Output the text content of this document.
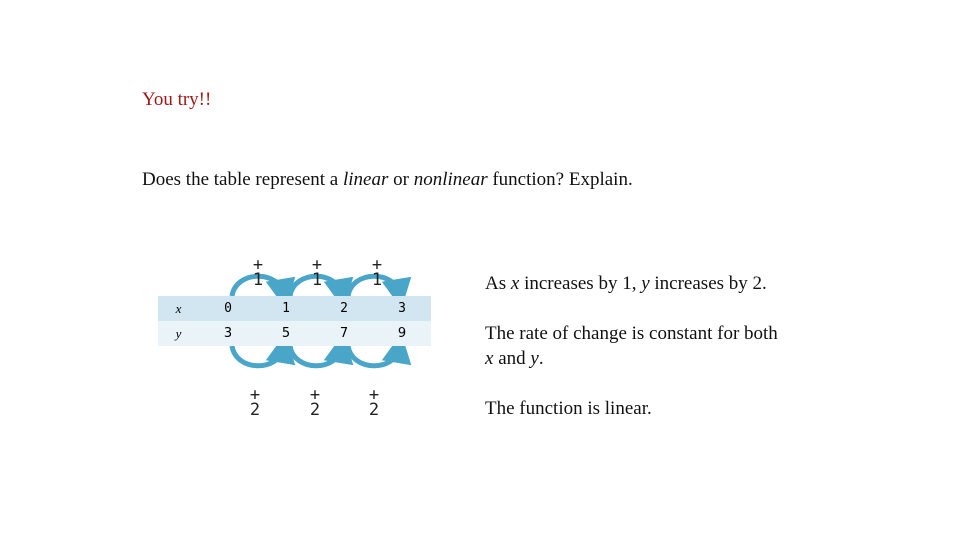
You try!!
Does the table represent a linear or nonlinear function? Explain.
+
1
+
1
+
1
+
2
+
2
+
2
x	0	1	2	3
y	3	5	7	9
As x increases by 1, y increases by 2.
The rate of change is constant for both
x and y.
The function is linear.
